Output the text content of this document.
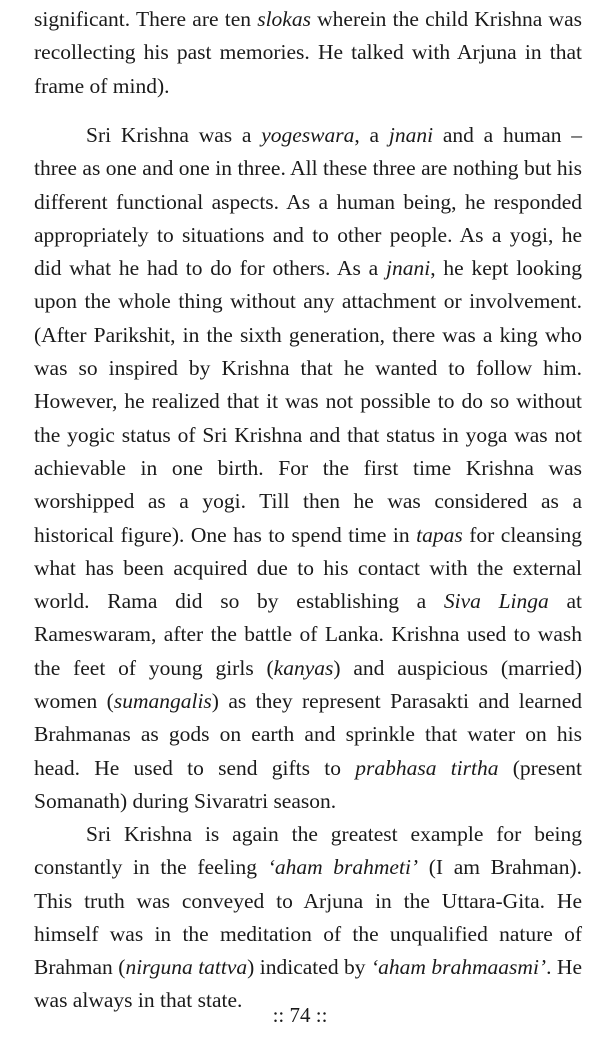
significant. There are ten slokas wherein the child Krishna was recollecting his past memories. He talked with Arjuna in that frame of mind).

Sri Krishna was a yogeswara, a jnani and a human – three as one and one in three. All these three are nothing but his different functional aspects. As a human being, he responded appropriately to situations and to other people. As a yogi, he did what he had to do for others. As a jnani, he kept looking upon the whole thing without any attachment or involvement. (After Parikshit, in the sixth generation, there was a king who was so inspired by Krishna that he wanted to follow him. However, he realized that it was not possible to do so without the yogic status of Sri Krishna and that status in yoga was not achievable in one birth. For the first time Krishna was worshipped as a yogi. Till then he was considered as a historical figure). One has to spend time in tapas for cleansing what has been acquired due to his contact with the external world. Rama did so by establishing a Siva Linga at Rameswaram, after the battle of Lanka. Krishna used to wash the feet of young girls (kanyas) and auspicious (married) women (sumangalis) as they represent Parasakti and learned Brahmanas as gods on earth and sprinkle that water on his head. He used to send gifts to prabhasa tirtha (present Somanath) during Sivaratri season.

Sri Krishna is again the greatest example for being constantly in the feeling ‘aham brahmeti’ (I am Brahman). This truth was conveyed to Arjuna in the Uttara-Gita. He himself was in the meditation of the unqualified nature of Brahman (nirguna tattva) indicated by ‘aham brahmaasmi’. He was always in that state.

:: 74 ::
